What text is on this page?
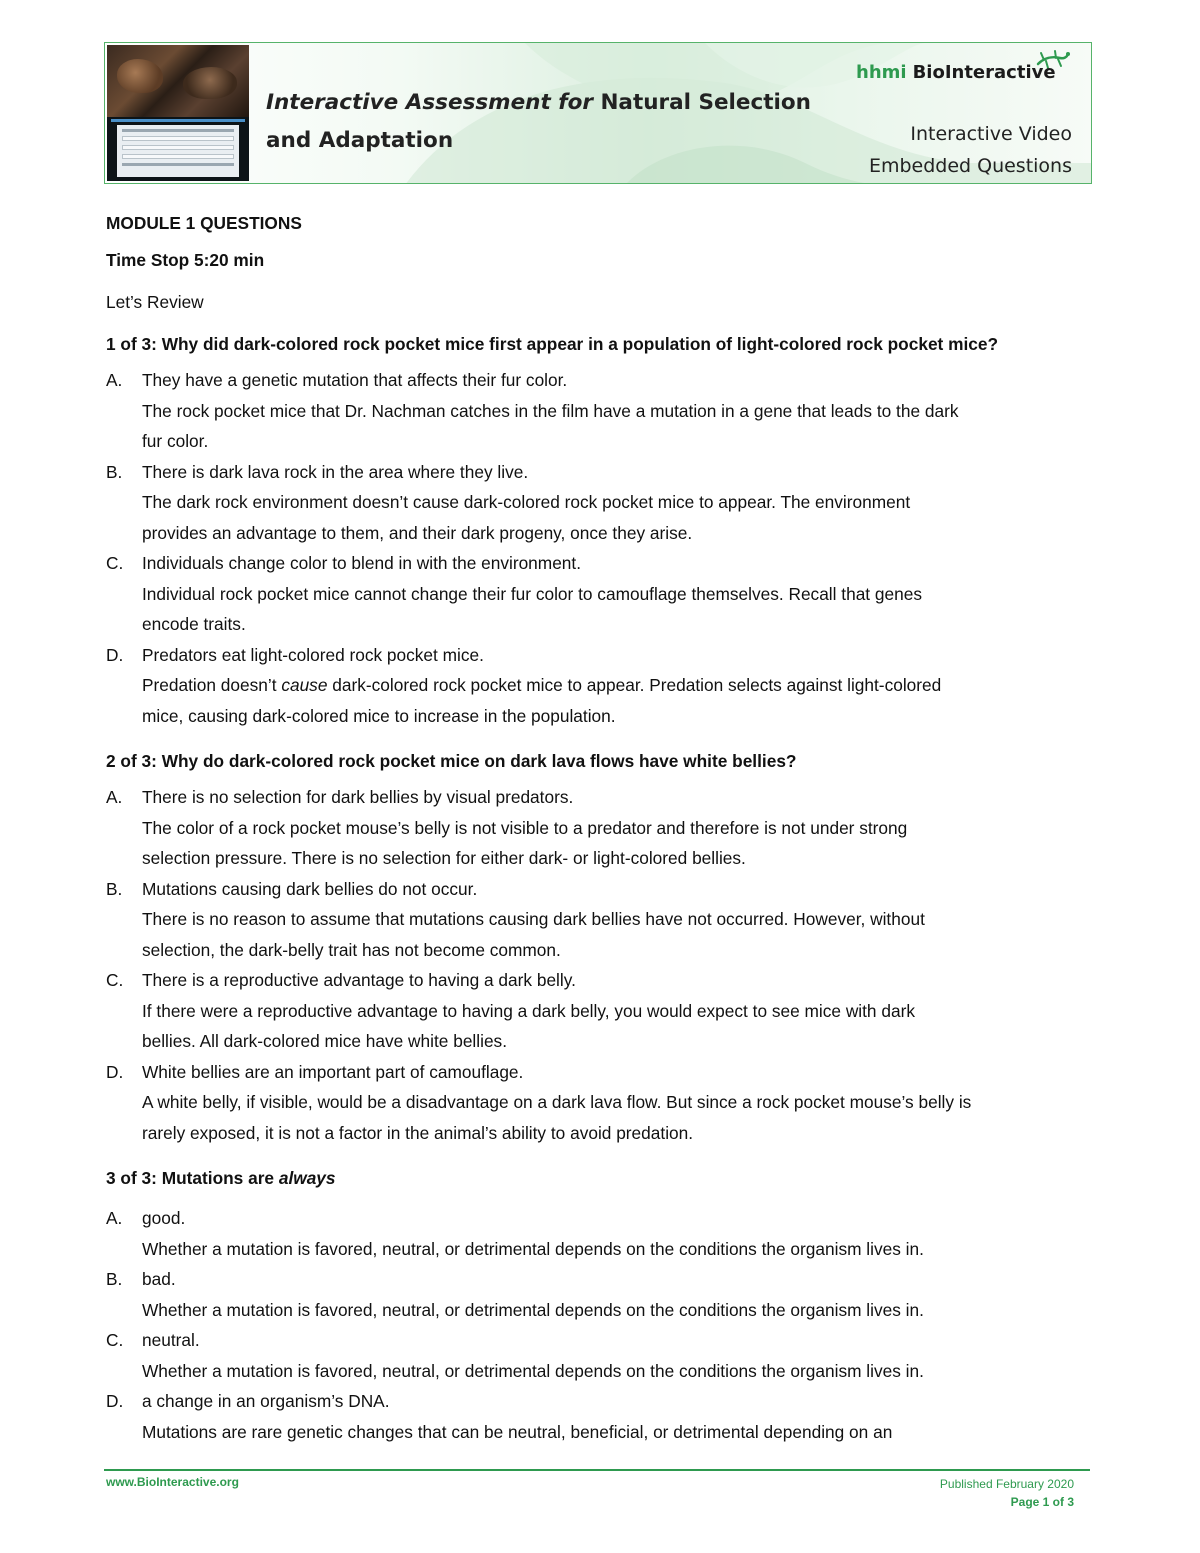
Interactive Assessment for Natural Selection
and Adaptation
hhmi BioInteractive
Interactive Video
Embedded Questions

MODULE 1 QUESTIONS

Time Stop 5:20 min

Let’s Review

1 of 3: Why did dark-colored rock pocket mice first appear in a population of light-colored rock pocket mice?

A. They have a genetic mutation that affects their fur color.

The rock pocket mice that Dr. Nachman catches in the film have a mutation in a gene that leads to the dark

fur color.

B. There is dark lava rock in the area where they live.

The dark rock environment doesn’t cause dark-colored rock pocket mice to appear. The environment

provides an advantage to them, and their dark progeny, once they arise.

C. Individuals change color to blend in with the environment.

Individual rock pocket mice cannot change their fur color to camouflage themselves. Recall that genes

encode traits.

D. Predators eat light-colored rock pocket mice.

Predation doesn’t cause dark-colored rock pocket mice to appear. Predation selects against light-colored

mice, causing dark-colored mice to increase in the population.

2 of 3: Why do dark-colored rock pocket mice on dark lava flows have white bellies?

A. There is no selection for dark bellies by visual predators.

The color of a rock pocket mouse’s belly is not visible to a predator and therefore is not under strong

selection pressure. There is no selection for either dark- or light-colored bellies.

B. Mutations causing dark bellies do not occur.

There is no reason to assume that mutations causing dark bellies have not occurred. However, without

selection, the dark-belly trait has not become common.

C. There is a reproductive advantage to having a dark belly.

If there were a reproductive advantage to having a dark belly, you would expect to see mice with dark

bellies. All dark-colored mice have white bellies.

D. White bellies are an important part of camouflage.

A white belly, if visible, would be a disadvantage on a dark lava flow. But since a rock pocket mouse’s belly is

rarely exposed, it is not a factor in the animal’s ability to avoid predation.

3 of 3: Mutations are always

A. good.

Whether a mutation is favored, neutral, or detrimental depends on the conditions the organism lives in.

B. bad.

Whether a mutation is favored, neutral, or detrimental depends on the conditions the organism lives in.

C. neutral.

Whether a mutation is favored, neutral, or detrimental depends on the conditions the organism lives in.

D. a change in an organism’s DNA.

Mutations are rare genetic changes that can be neutral, beneficial, or detrimental depending on an

www.BioInteractive.org	Published February 2020
Page 1 of 3
